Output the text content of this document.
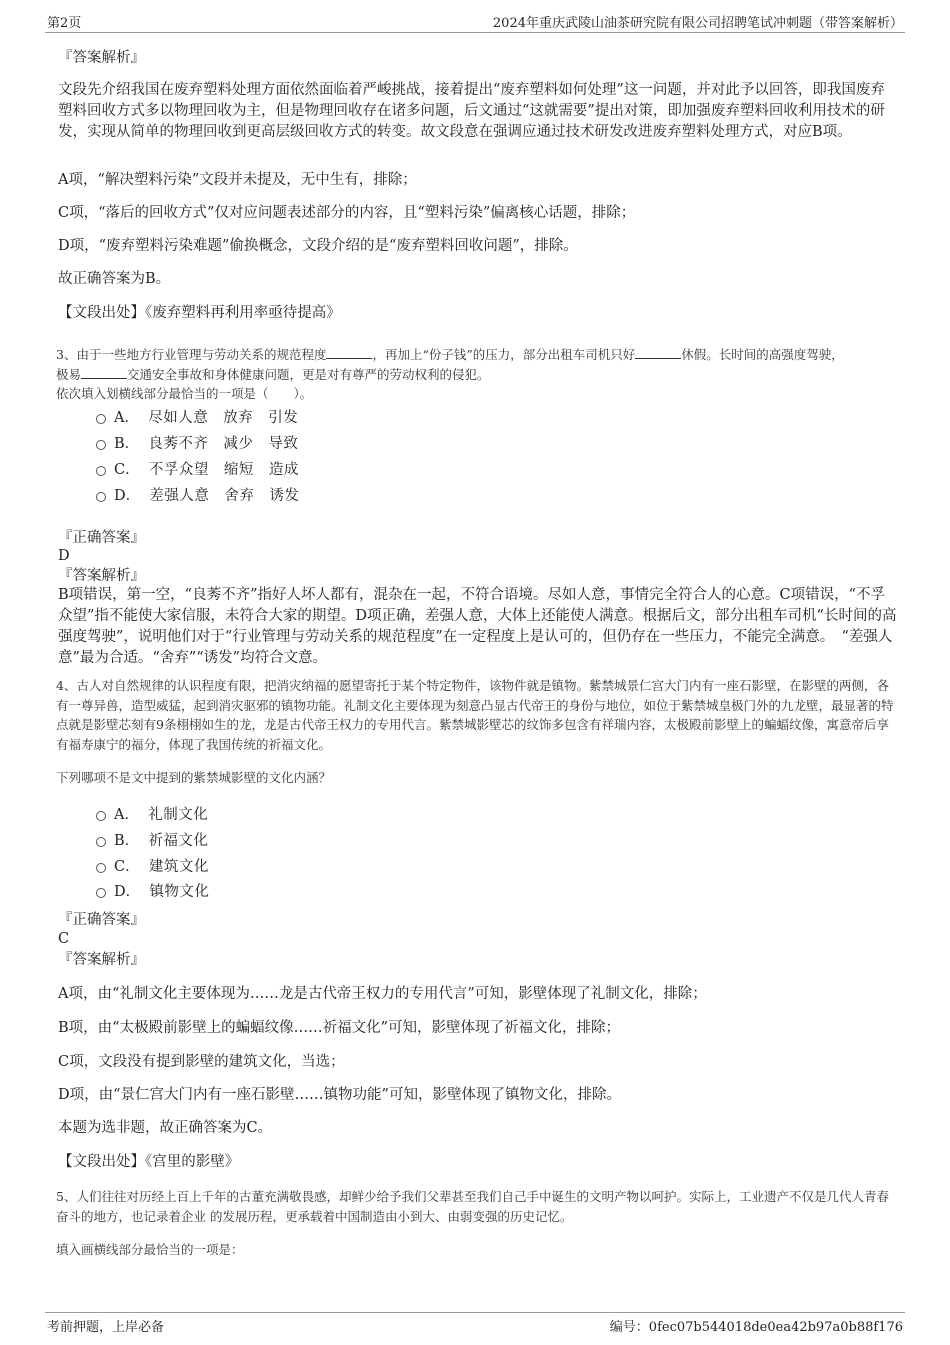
第2页	2024年重庆武陵山油茶研究院有限公司招聘笔试冲刺题（带答案解析）
『答案解析』
文段先介绍我国在废弃塑料处理方面依然面临着严峻挑战，接着提出“废弃塑料如何处理”这一问题，并对此予以回答，即我国废弃塑料回收方式多以物理回收为主，但是物理回收存在诸多问题，后文通过“这就需要”提出对策，即加强废弃塑料回收利用技术的研发，实现从简单的物理回收到更高层级回收方式的转变。故文段意在强调应通过技术研发改进废弃塑料处理方式，对应B项。
A项，“解决塑料污染”文段并未提及，无中生有，排除；
C项，“落后的回收方式”仅对应问题表述部分的内容，且“塑料污染”偏离核心话题，排除；
D项，“废弃塑料污染难题”偷换概念，文段介绍的是“废弃塑料回收问题”，排除。
故正确答案为B。
【文段出处】《废弃塑料再利用率亟待提高》

3、由于一些地方行业管理与劳动关系的规范程度	，再加上“份子钱”的压力，部分出租车司机只好	休假。长时间的高强度驾驶，

极易	交通安全事故和身体健康问题，更是对有尊严的劳动权利的侵犯。

依次填入划横线部分最恰当的一项是（　　）。

A． 尽如人意　放弃　引发
B． 良莠不齐　减少　导致
C． 不孚众望　缩短　造成
D． 差强人意　舍弃　诱发
『正确答案』
D
『答案解析』
B项错误，第一空，“良莠不齐”指好人坏人都有，混杂在一起，不符合语境。尽如人意，事情完全符合人的心意。C项错误，“不孚众望”指不能使大家信服，未符合大家的期望。D项正确，差强人意，大体上还能使人满意。根据后文，部分出租车司机“长时间的高强度驾驶”，说明他们对于“行业管理与劳动关系的规范程度”在一定程度上是认可的，但仍存在一些压力，不能完全满意。　“差强人意”最为合适。“舍弃”“诱发”均符合文意。
4、古人对自然规律的认识程度有限，把消灾纳福的愿望寄托于某个特定物件，该物件就是镇物。紫禁城景仁宫大门内有一座石影壁，在影壁的两侧，各有一尊异兽，造型威猛，起到消灾驱邪的镇物功能。礼制文化主要体现为刻意凸显古代帝王的身份与地位，如位于紫禁城皇极门外的九龙壁，最显著的特点就是影壁芯刻有9条栩栩如生的龙，龙是古代帝王权力的专用代言。紫禁城影壁芯的纹饰多包含有祥瑞内容，太极殿前影壁上的蝙蝠纹像，寓意帝后享有福寿康宁的福分，体现了我国传统的祈福文化。
下列哪项不是文中提到的紫禁城影壁的文化内涵？
A． 礼制文化
B． 祈福文化
C． 建筑文化
D． 镇物文化
『正确答案』
C
『答案解析』
A项，由“礼制文化主要体现为……龙是古代帝王权力的专用代言”可知，影壁体现了礼制文化，排除；
B项，由“太极殿前影壁上的蝙蝠纹像……祈福文化”可知，影壁体现了祈福文化，排除；
C项，文段没有提到影壁的建筑文化，当选；
D项，由“景仁宫大门内有一座石影壁……镇物功能”可知，影壁体现了镇物文化，排除。
本题为选非题，故正确答案为C。
【文段出处】《宫里的影壁》
5、人们往往对历经上百上千年的古董充满敬畏感，却鲜少给予我们父辈甚至我们自己手中诞生的文明产物以呵护。实际上，工业遗产不仅是几代人青春奋斗的地方，也记录着企业 的发展历程，更承载着中国制造由小到大、由弱变强的历史记忆。
填入画横线部分最恰当的一项是：
考前押题，上岸必备	编号：0fec07b544018de0ea42b97a0b88f176
